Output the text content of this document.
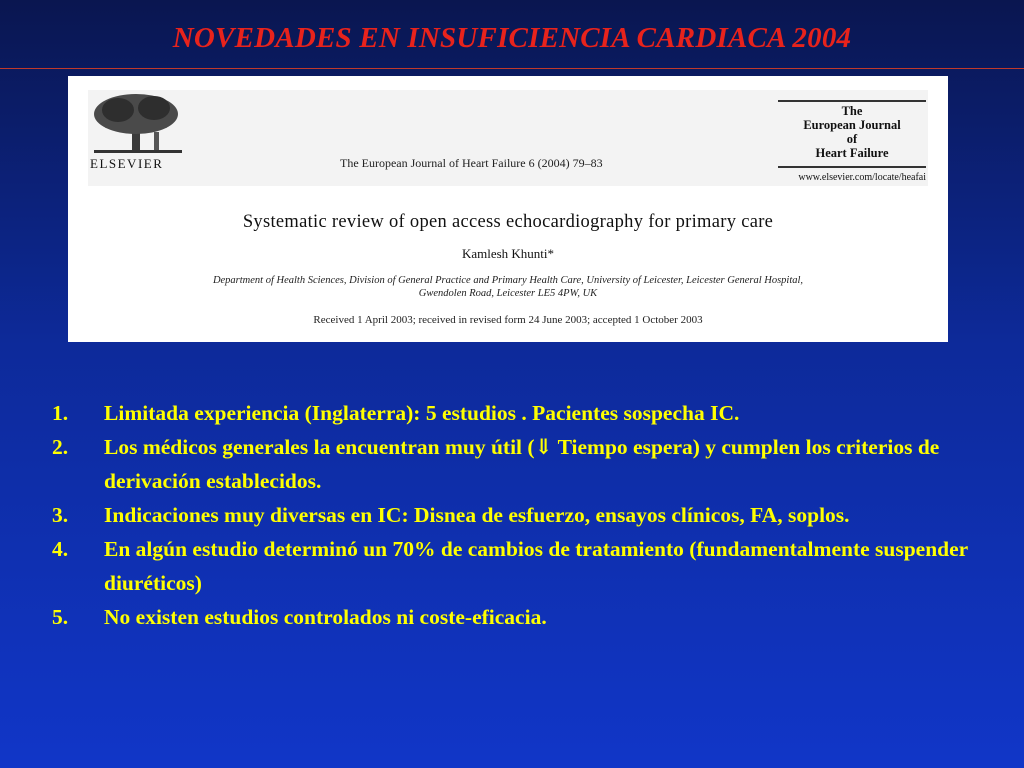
NOVEDADES EN INSUFICIENCIA CARDIACA 2004
ELSEVIER	The European Journal of Heart Failure 6 (2004) 79–83
The
European Journal
of
Heart Failure
www.elsevier.com/locate/heafai
Systematic review of open access echocardiography for primary care
Kamlesh Khunti*
Department of Health Sciences, Division of General Practice and Primary Health Care, University of Leicester, Leicester General Hospital,
Gwendolen Road, Leicester LE5 4PW, UK
Received 1 April 2003; received in revised form 24 June 2003; accepted 1 October 2003
1. Limitada experiencia (Inglaterra): 5 estudios . Pacientes sospecha IC.
2. Los médicos generales la encuentran muy útil (⇓ Tiempo espera) y cumplen los criterios de derivación establecidos.
3. Indicaciones muy diversas en IC: Disnea de esfuerzo, ensayos clínicos, FA, soplos.
4. En algún estudio determinó un 70% de cambios de tratamiento (fundamentalmente suspender diuréticos)
5. No existen estudios controlados ni coste-eficacia.
